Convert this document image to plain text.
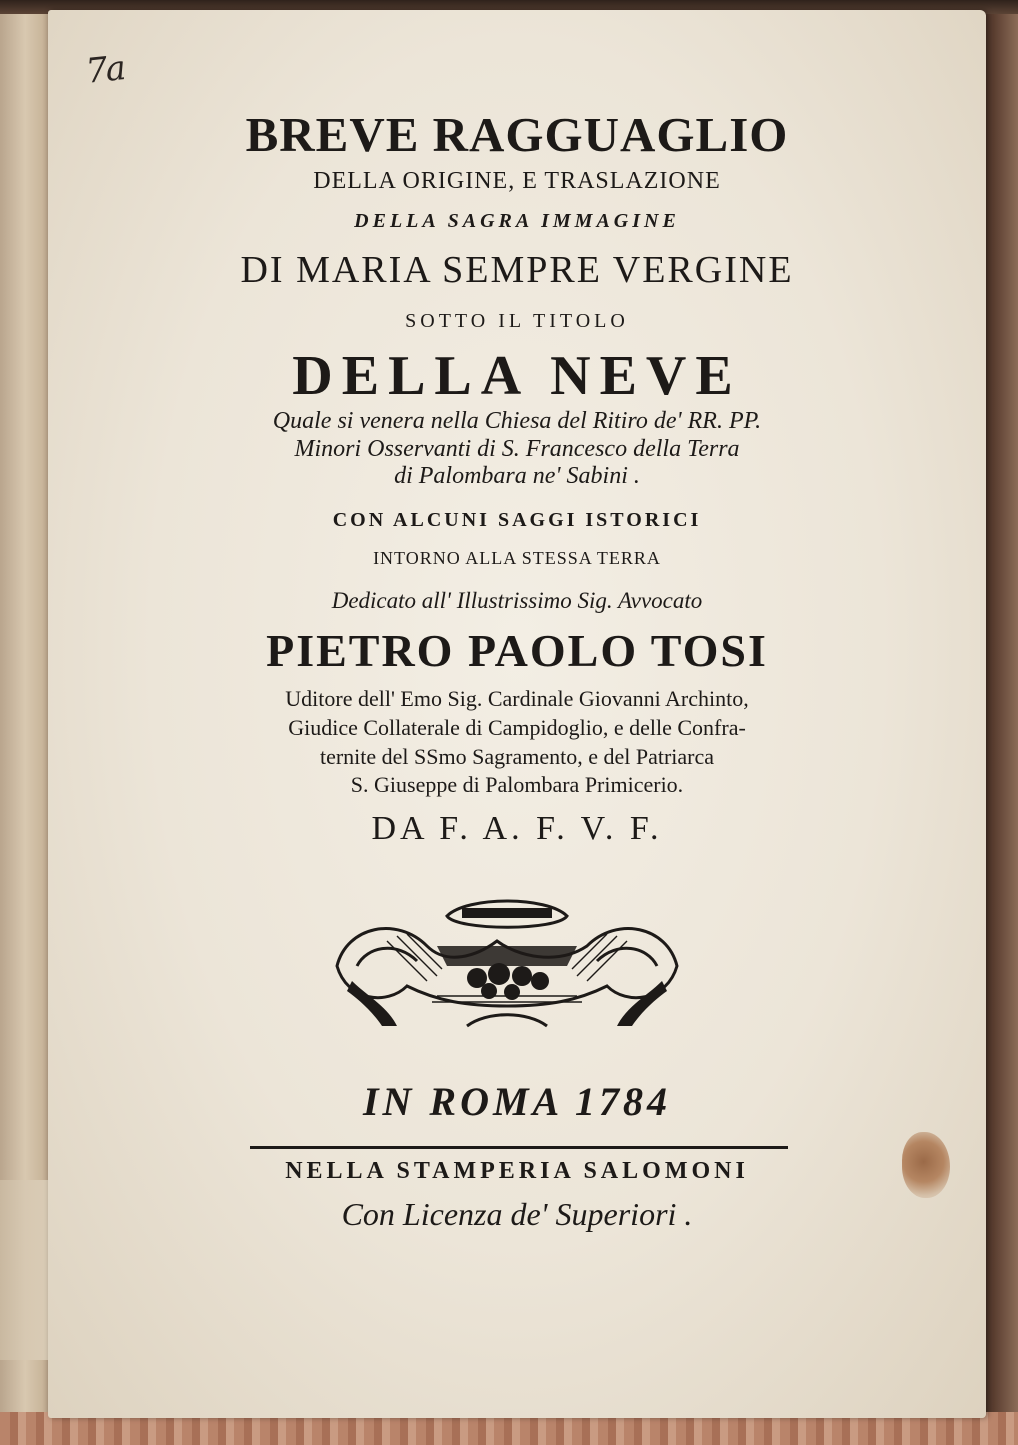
7a
BREVE RAGGUAGLIO
DELLA ORIGINE, E TRASLAZIONE
DELLA SAGRA IMMAGINE
DI MARIA SEMPRE VERGINE
SOTTO IL TITOLO
DELLA NEVE
Quale si venera nella Chiesa del Ritiro de' RR. PP.
Minori Osservanti di S. Francesco della Terra
di Palombara ne' Sabini .
CON ALCUNI SAGGI ISTORICI
INTORNO ALLA STESSA TERRA
Dedicato all' Illustrissimo Sig. Avvocato
PIETRO PAOLO TOSI
Uditore dell' Emo Sig. Cardinale Giovanni Archinto,
Giudice Collaterale di Campidoglio, e delle Confra-
ternite del SSmo Sagramento, e del Patriarca
S. Giuseppe di Palombara Primicerio.
DA F. A. F. V. F.
IN ROMA 1784
NELLA STAMPERIA SALOMONI
Con Licenza de' Superiori .
